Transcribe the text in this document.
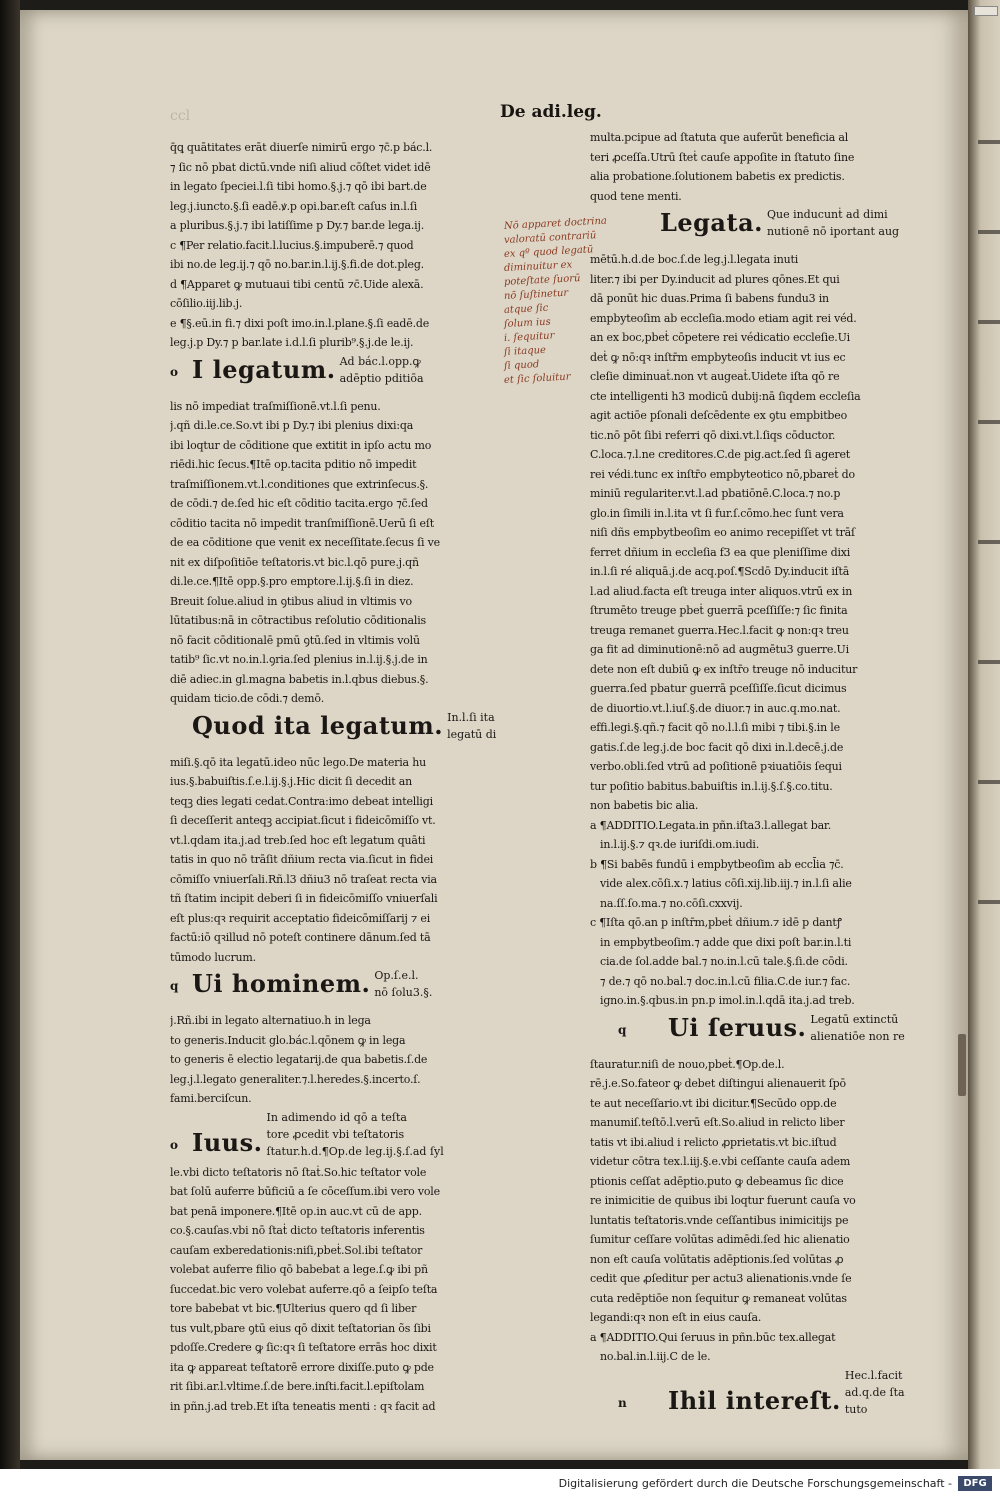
ccl	De adi.leg.
q̄ꝗ quātitates erāt diuerſe nimirū ergo ⁊c̄.p bác.l.
⁊ ſic nō pbat dictū.vnde niſi aliud cōſtet videt idē
in legato ſpeciei.l.ſi tibi homo.§.j.⁊ qō ibi bart.de
leg.j.iuncto.§.ſi eadē.ꝟ.p opi.bar.eſt caſus in.l.ſi
a pluribus.§.j.⁊ ibi latiſſime p Dy.⁊ bar.de lega.ij.
c ¶Per relatio.facit.l.lucius.§.impuberē.⁊ quod
ibi no.de leg.ij.⁊ qō no.bar.in.l.ij.§.fi.de dot.pleg.
d ¶Apparet ꝙ mutuaui tibi centū ⁊c̄.Uide alexā.
cōſilio.iij.lib.j.
e ¶§.eū.in fi.⁊ dixi poſt imo.in.l.plane.§.ſi eadē.de
leg.j.p Dy.⁊ p bar.late i.d.l.ſi plurib⁹.§.j.de le.ij.
o I legatum. Ad bác.l.opp.ꝙ
adēptio pditiōa
lis nō impediat traſmiſſionē.vt.l.ſi penu.
j.qñ di.le.ce.So.vt ibi p Dy.⁊ ibi plenius dixi:qa
ibi loqtur de cōditione que extitit in ipſo actu mo
riēdi.hic ſecus.¶Itē op.tacita pditio nō impedit
traſmiſſionem.vt.l.conditiones que extrinſecus.§.
de cōdi.⁊ de.ſed hic eſt cōditio tacita.ergo ⁊c̄.ſed
cōditio tacita nō impedit tranſmiſſionē.Uerū ſi eſt
de ea cōditione que venit ex neceſſitate.ſecus ſi ve
nit ex diſpoſitiōe teſtatoris.vt bic.l.qō pure.j.qñ
di.le.ce.¶Itē opp.§.pro emptore.l.ij.§.ſi in diez.
Breuit ſolue.aliud in ꝯtibus aliud in vltimis vo
lūtatibus:nā in cōtractibus reſolutio cōditionalis
nō facit cōditionalē pmū ꝯtū.ſed in vltimis volū
tatib⁹ ſic.vt no.in.l.ꝯria.ſed plenius in.l.ij.§.j.de in
diē adiec.in gl.magna babetis in.l.qbus diebus.§.
quidam ticio.de cōdi.⁊ demō.
Quod ita legatum. In.l.ſi ita
legatū di
miſi.§.qō ita legatū.ideo nūc lego.De materia hu
ius.§.babuiſtis.ſ.e.l.ij.§.j.Hic dicit ſi decedit an
teqꝫ dies legati cedat.Contra:imo debeat intelligi
ſi deceſſerit anteqꝫ accipiat.ſicut i fideicōmiſſo vt.
vt.l.qdam ita.j.ad treb.ſed hoc eſt legatum quāti
tatis in quo nō trāſit dñium recta via.ſicut in fidei
cōmiſſo vniuerſali.Rñ.l3 dñiu3 nō traſeat recta via
tñ ſtatim incipit deberi ſi in fideicōmiſſo vniuerſali
eſt plus:qꝛ requirit acceptatio fideicōmiſſarij ⁊ ei
factū:iō qꝛillud nō poteſt continere dānum.ſed tā
tūmodo lucrum.
q Ui hominem. Op.ſ.e.l.
nō ſolu3.§.
j.Rñ.ibi in legato alternatiuo.h in lega
to generis.Inducit glo.bác.l.qōnem ꝙ in lega
to generis ē electio legatarij.de qua babetis.ſ.de
leg.j.l.legato generaliter.⁊.l.heredes.§.incerto.ſ.
fami.berciſcun.
o Iuus.In adimendo id qō a teſta
tore ꝓcedit vbi teſtatoris
ſtatur.h.d.¶Op.de leg.ij.§.ſ.ad ſyl
le.vbi dicto teſtatoris nō ſtaṫ.So.hic teſtator vole
bat ſolū auferre būficiū a ſe cōceſſum.ibi vero vole
bat penā imponere.¶Itē op.in auc.vt cū de app.
co.§.cauſas.vbi nō ſtaṫ dicto teſtatoris inferentis
cauſam exberedationis:niſi,pbeṫ.Sol.ibi teſtator
volebat auferre filio qō babebat a lege.ſ.ꝙ ibi pñ
ſuccedat.bic vero volebat auferre.qō a ſeipſo teſta
tore babebat vt bic.¶Ulterius quero qd ſi liber
tus vult,pbare ꝯtū eius qō dixit teſtatorian õs ſibi
pdoſſe.Credere ꝙ ſic:qꝛ ſi teſtatore errās hoc dixit
ita ꝙ appareat teſtatorē errore dixiſſe.puto ꝙ pde
rit ſibi.ar.l.vltime.ſ.de bere.inſti.facit.l.epiſtolam
in pñn.j.ad treb.Et iſta teneatis menti : qꝛ facit ad
multa.pcipue ad ſtatuta que auferūt beneficia al
teri ꝓceſſa.Utrū ſteṫ cauſe appoſite in ſtatuto ſine
alia probatione.ſolutionem babetis ex predictis.
quod tene menti.
Legata. Que inducunṫ ad dimi
nutionē nō iportant aug
mētū.h.d.de boc.ſ.de leg.j.l.legata inuti
liter.⁊ ibi per Dy.inducit ad plures qōnes.Et qui
dā ponūt hic duas.Prima ſi babens fundu3 in
empbyteoſim ab eccleſia.modo etiam agit rei véd.
an ex boc,pbeṫ cōpetere rei védicatio eccleſie.Ui
deṫ ꝙ nō:qꝛ inſtr̄m empbyteoſis inducit vt ius ec
cleſie diminuaṫ.non vt augeaṫ.Uidete iſta qō re
cte intelligenti h3 modicū dubij:nā ſiqdem eccleſia
agit actiōe pſonali deſcēdente ex ꝯtu empbitbeo
tic.nō pōt ſibi referri qō dixi.vt.l.ſiqs cōductor.
C.loca.⁊.l.ne creditores.C.de pig.act.ſed ſi ageret
rei védi.tunc ex inſtr̄o empbyteotico nō,pbareṫ do
miniū regulariter.vt.l.ad pbatiōnē.C.loca.⁊ no.p
glo.in ſimili in.l.ita vt ſi fur.ſ.cōmo.hec ſunt vera
niſi dñs empbytbeoſim eo animo recepiſſet vt trāſ
ferret dñium in eccleſia f3 ea que pleniſſime dixi
in.l.ſi ré aliquā.j.de acq.poſ.¶Scdō Dy.inducit iſtā
l.ad aliud.facta eſt treuga inter aliquos.vtrū ex in
ſtrumēto treuge pbeṫ guerrā pceſſiſſe:⁊ ſic finita
treuga remanet guerra.Hec.l.facit ꝙ non:qꝛ treu
ga fit ad diminutionē:nō ad augmētu3 guerre.Ui
dete non eſt dubiū ꝙ ex inſtr̄o treuge nō inducitur
guerra.ſed pbatur guerrā pceſſiſſe.ſicut dicimus
de diuortio.vt.l.iuſ.§.de diuor.⁊ in auc.q.mo.nat.
effi.legi.§.qñ.⁊ facit qō no.l.l.ſi mibi ⁊ tibi.§.in le
gatis.ſ.de leg.j.de boc facit qō dixi in.l.decē.j.de
verbo.obli.ſed vtrū ad poſitionē pꝛiuatiōis ſequi
tur poſitio babitus.babuiſtis in.l.ij.§.ſ.§.co.titu.
non babetis bic alia.
a ¶ADDITIO.Legata.in pñn.iſta3.l.allegat bar.
in.l.ij.§.⁊ qꝛ.de iuriſdi.om.iudi.
b ¶Si babēs fundū i empbytbeoſim ab eccl̄ia ⁊c̄.
vide alex.cōſi.x.⁊ latius cōſi.xij.lib.iij.⁊ in.l.ſi alie
na.ſſ.ſo.ma.⁊ no.cōſi.cxxvij.
c ¶Iſta qō.an p inſtr̄m,pbeṫ dñium.⁊ idē p dantꝭ
in empbytbeoſim.⁊ adde que dixi poſt bar.in.l.ti
cia.de ſol.adde bal.⁊ no.in.l.cū tale.§.ſi.de cōdi.
⁊ de.⁊ qō no.bal.⁊ doc.in.l.cū filia.C.de iur.⁊ fac.
igno.in.§.qbus.in pn.p imol.in.l.qdā ita.j.ad treb.
q Ui ſeruus. Legatū extinctū
alienatiōe non re
ſtauratur.niſi de nouo,pbeṫ.¶Op.de.l.
rē.j.e.So.fateor ꝙ debet diſtingui alienauerit ſpō
te aut neceſſario.vt ibi dicitur.¶Secūdo opp.de
manumiſ.teſtō.l.verū eſt.So.aliud in relicto liber
tatis vt ibi.aliud i relicto ꝓprietatis.vt bic.iſtud
videtur cōtra tex.l.iij.§.e.vbi ceſſante cauſa adem
ptionis ceſſat adēptio.puto ꝙ debeamus ſic dice
re inimicitie de quibus ibi loqtur fuerunt cauſa vo
luntatis teſtatoris.vnde ceſſantibus inimicitijs pe
ſumitur ceſſare volūtas adimēdi.ſed hic alienatio
non eſt cauſa volūtatis adēptionis.ſed volūtas ꝓ
cedit que ꝓſeditur per actu3 alienationis.vnde ſe
cuta redēptiōe non ſequitur ꝙ remaneat volūtas
legandi:qꝛ non eſt in eius cauſa.
a ¶ADDITIO.Qui ſeruus in pñn.būc tex.allegat
no.bal.in.l.iij.C de le.
n Ihil intereſt.Hec.l.facit
ad.q.de ſta
tuto
Nō apparet doctrina
valoratū contrariū
ex qº quod legatū
diminuitur ex
poteſtate ſuorū
nō ſuſtinetur
atque ſic
ſolum ius
i. ſequitur
ſi itaque
ſi quod
et ſic ſoluitur
Digitalisierung gefördert durch die Deutsche Forschungsgemeinschaft -	DFG
